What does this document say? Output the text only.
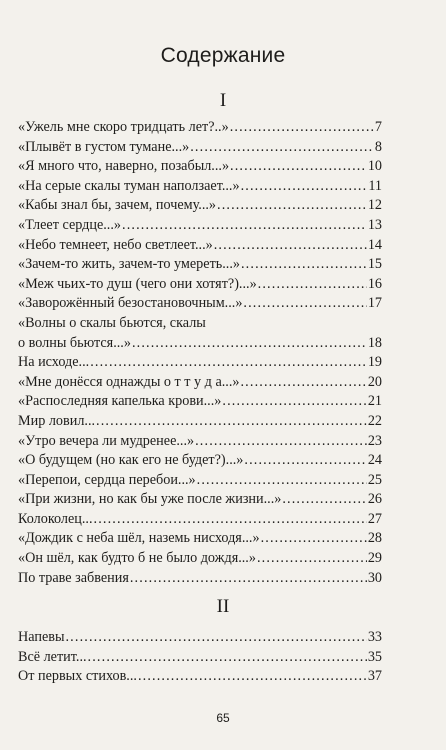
Содержание
I
«Ужель мне скоро тридцать лет?..» . . .	7
«Плывёт в густом тумане...» . . .	8
«Я много что, наверно, позабыл...» . . .	10
«На серые скалы туман наползает...» . . .	11
«Кабы знал бы, зачем, почему...» . . .	12
«Тлеет сердце...» . . .	13
«Небо темнеет, небо светлеет...» . . .	14
«Зачем-то жить, зачем-то умереть...» . . .	15
«Меж чьих-то душ (чего они хотят?)...» . . .	16
«Заворожённый безостановочным...» . . .	17
«Волны о скалы бьются, скалы
о волны бьются...» . . .	18
На исходе... . . .	19
«Мне донёсся однажды о т т у д а...» . . .	20
«Распоследняя капелька крови...» . . .	21
Мир ловил... . . .	22
«Утро вечера ли мудренее...» . . .	23
«О будущем (но как его не будет?)...» . . .	24
«Перепои, сердца перебои...» . . .	25
«При жизни, но как бы уже после жизни...» . . .	26
Колоколец... . . .	27
«Дождик с неба шёл, наземь нисходя...» . . .	28
«Он шёл, как будто б не было дождя...» . . .	29
По траве забвения . . .	30
II
Напевы . . .	33
Всё летит... . . .	35
От первых стихов... . . .	37
65
